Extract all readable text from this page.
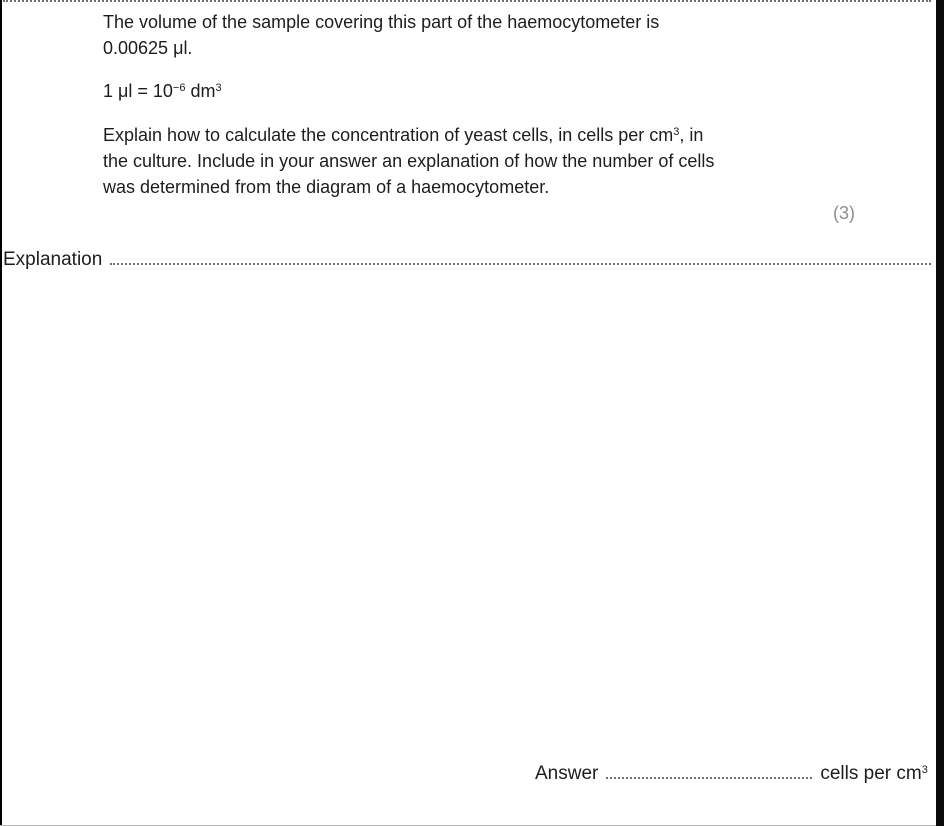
The volume of the sample covering this part of the haemocytometer is
0.00625 μl.
1 $\mu l = 10^{-6}$ $dm^3$
Explain how to calculate the concentration of yeast cells, in cells per $cm^3$, in
the culture. Include in your answer an explanation of how the number of cells
was determined from the diagram of a haemocytometer.
(3)
Explanation
Answer	cells per $cm^3$
